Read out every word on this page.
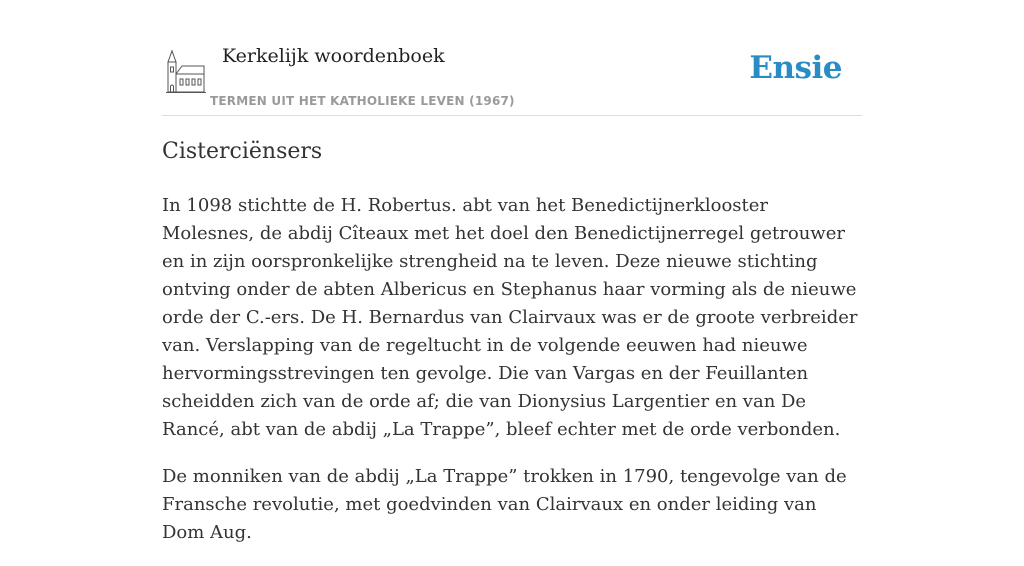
Kerkelijk woordenboek
TERMEN UIT HET KATHOLIEKE LEVEN (1967)
Ensie
Cisterciënsers

In 1098 stichtte de H. Robertus. abt van het Benedictijnerklooster Molesnes, de abdij Cîteaux met het doel den Benedictijnerregel getrouwer en in zijn oorspronkelijke strengheid na te leven. Deze nieuwe stichting ontving onder de abten Albericus en Stephanus haar vorming als de nieuwe orde der C.-ers. De H. Bernardus van Clairvaux was er de groote verbreider van. Verslapping van de regeltucht in de volgende eeuwen had nieuwe hervormingsstrevingen ten gevolge. Die van Vargas en der Feuillanten scheidden zich van de orde af; die van Dionysius Largentier en van De Rancé, abt van de abdij „La Trappe”, bleef echter met de orde verbonden.

De monniken van de abdij „La Trappe” trokken in 1790, tengevolge van de Fransche revolutie, met goedvinden van Clairvaux en onder leiding van Dom Aug.
